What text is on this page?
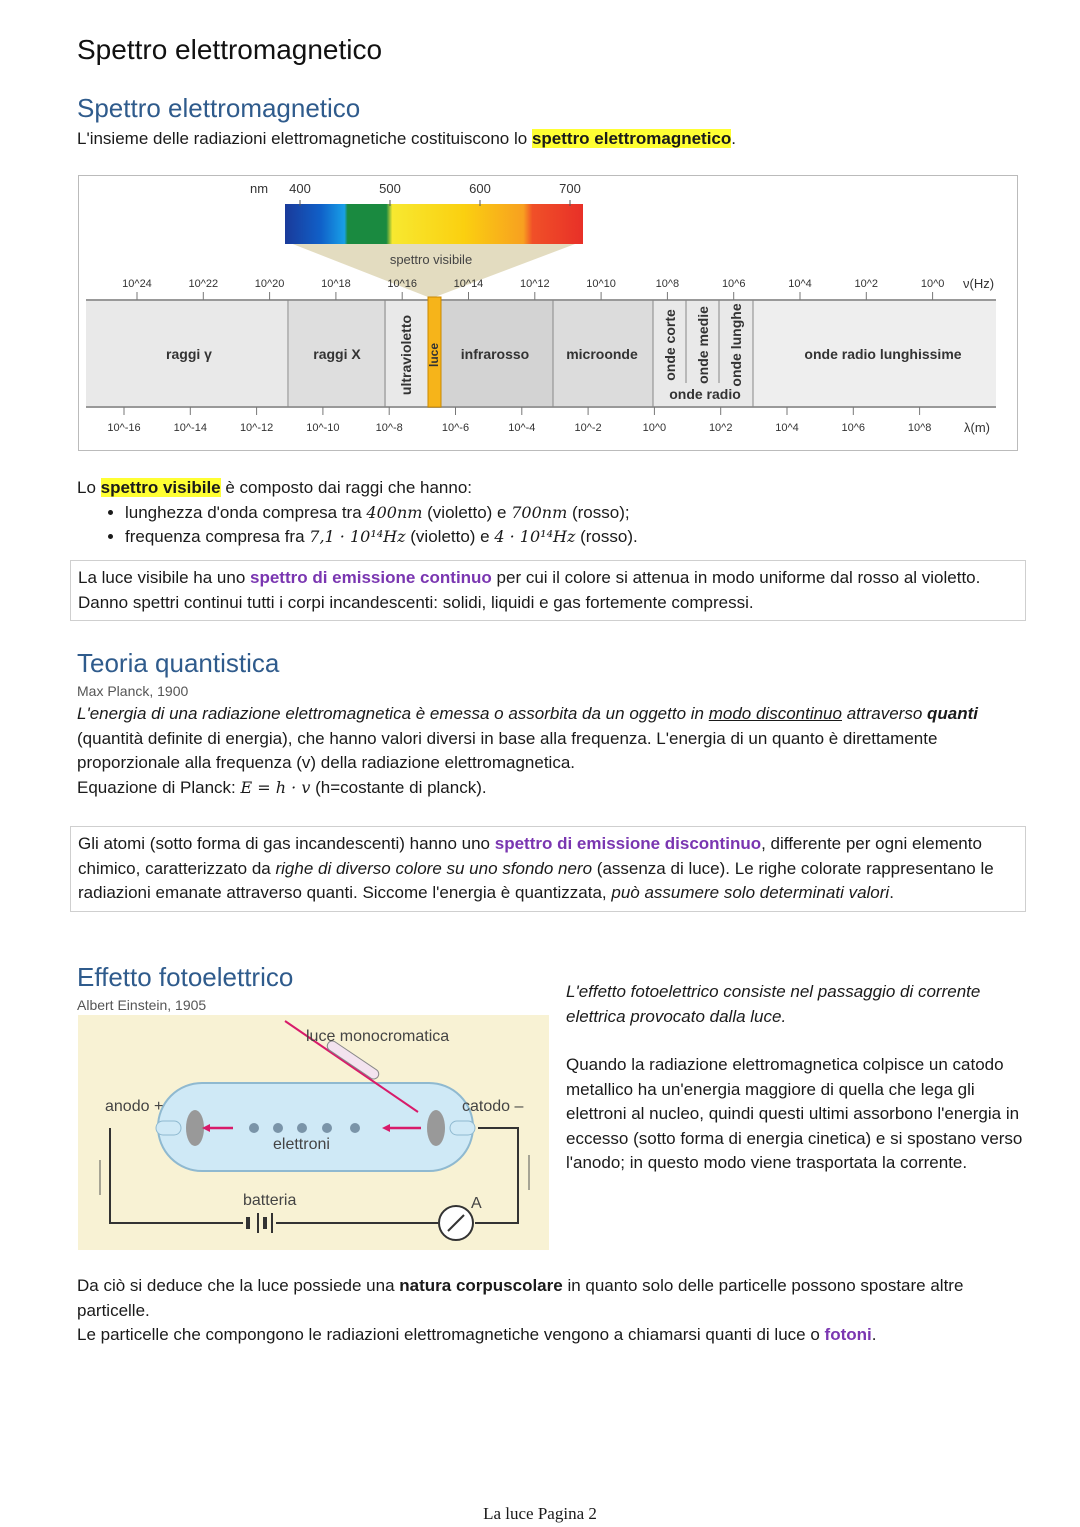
Spettro elettromagnetico
Spettro elettromagnetico
L'insieme delle radiazioni elettromagnetiche costituiscono lo spettro elettromagnetico.
nm 400	500	600	700
spettro visibile
raggi γ	raggi X	ultravioletto luce infrarosso	microonde onde corte onde medie onde lunghe
onde radio
onde radio lunghissime
10^24	10^22	10^20	10^18	10^16	10^14	10^12	10^10	10^8	10^6	10^4	10^2	10^0
10^-16	10^-14	10^-12	10^-10	10^-8	10^-6	10^-4	10^-2	10^0	10^2	10^4	10^6	10^8
ν(Hz)
λ(m)
Lo spettro visibile è composto dai raggi che hanno:
• lunghezza d'onda compresa tra 400nm (violetto) e 700nm (rosso);
• frequenza compresa fra 7,1 · 10¹⁴Hz (violetto) e 4 · 10¹⁴Hz (rosso).
La luce visibile ha uno spettro di emissione continuo per cui il colore si attenua in modo uniforme dal rosso al violetto. Danno spettri continui tutti i corpi incandescenti: solidi, liquidi e gas fortemente compressi.
Teoria quantistica
Max Planck, 1900
L'energia di una radiazione elettromagnetica è emessa o assorbita da un oggetto in modo discontinuo attraverso quanti (quantità definite di energia), che hanno valori diversi in base alla frequenza. L'energia di un quanto è direttamente proporzionale alla frequenza (v) della radiazione elettromagnetica.
Equazione di Planck: E = h · v (h=costante di planck).
Gli atomi (sotto forma di gas incandescenti) hanno uno spettro di emissione discontinuo, differente per ogni elemento chimico, caratterizzato da righe di diverso colore su uno sfondo nero (assenza di luce). Le righe colorate rappresentano le radiazioni emanate attraverso quanti. Siccome l'energia è quantizzata, può assumere solo determinati valori.
Effetto fotoelettrico
Albert Einstein, 1905
luce monocromatica
anodo +	catodo –
elettroni
batteria	A
L'effetto fotoelettrico consiste nel passaggio di corrente elettrica provocato dalla luce.
Quando la radiazione elettromagnetica colpisce un catodo metallico ha un'energia maggiore di quella che lega gli elettroni al nucleo, quindi questi ultimi assorbono l'energia in eccesso (sotto forma di energia cinetica) e si spostano verso l'anodo; in questo modo viene trasportata la corrente.
Da ciò si deduce che la luce possiede una natura corpuscolare in quanto solo delle particelle possono spostare altre particelle.
Le particelle che compongono le radiazioni elettromagnetiche vengono a chiamarsi quanti di luce o fotoni.
La luce Pagina 2
